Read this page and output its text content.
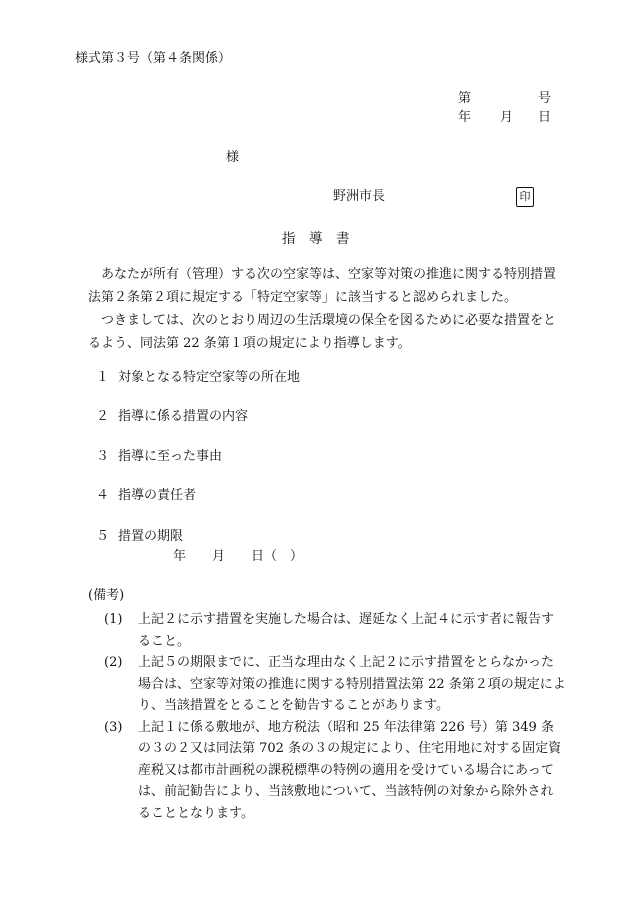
様式第３号（第４条関係）
第	号
年 月 日
様
野洲市長	印
指　導　書

あなたが所有（管理）する次の空家等は、空家等対策の推進に関する特別措置法第２条第２項に規定する「特定空家等」に該当すると認められました。

つきましては、次のとおり周辺の生活環境の保全を図るために必要な措置をとるよう、同法第 22 条第１項の規定により指導します。

１ 対象となる特定空家等の所在地
２ 指導に係る措置の内容
３ 指導に至った事由
４ 指導の責任者
５ 措置の期限
年　　月　　日（　）
(備考)
(1)	上記２に示す措置を実施した場合は、遅延なく上記４に示す者に報告すること。
(2)	上記５の期限までに、正当な理由なく上記２に示す措置をとらなかった場合は、空家等対策の推進に関する特別措置法第 22 条第２項の規定により、当該措置をとることを勧告することがあります。
(3)	上記１に係る敷地が、地方税法（昭和 25 年法律第 226 号）第 349 条の３の２又は同法第 702 条の３の規定により、住宅用地に対する固定資産税又は都市計画税の課税標準の特例の適用を受けている場合にあっては、前記勧告により、当該敷地について、当該特例の対象から除外されることとなります。
